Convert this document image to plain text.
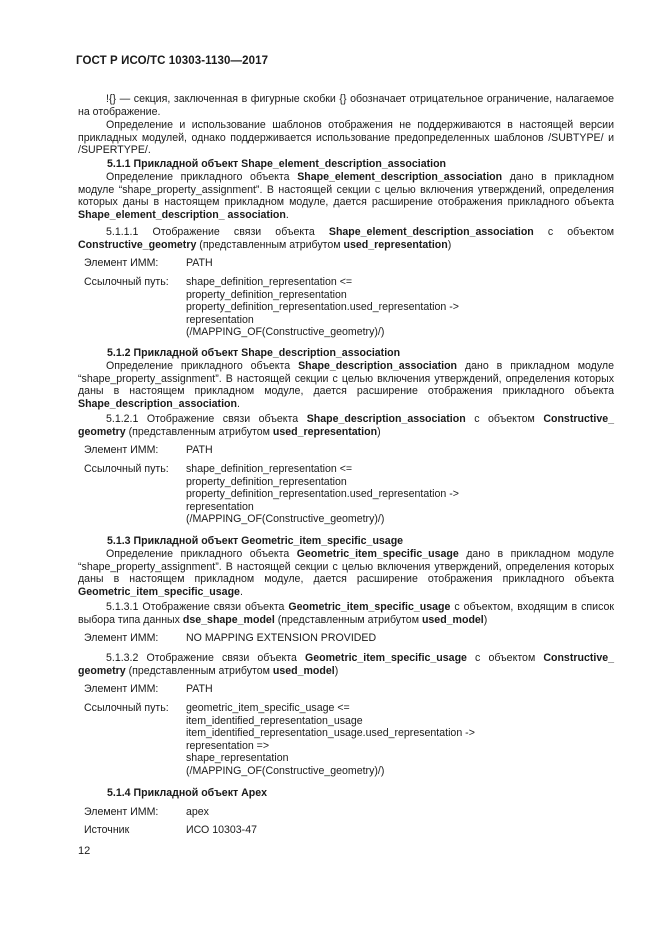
ГОСТ Р ИСО/ТС 10303-1130—2017
!{} — секция, заключенная в фигурные скобки {} обозначает отрицательное ограничение, налагаемое на отображение.
Определение и использование шаблонов отображения не поддерживаются в настоящей версии прикладных модулей, однако поддерживается использование предопределенных шаблонов /SUBTYPE/ и /SUPERTYPE/.
5.1.1 Прикладной объект Shape_element_description_association
Определение прикладного объекта Shape_element_description_association дано в прикладном модуле “shape_property_assignment”. В настоящей секции с целью включения утверждений, определения которых даны в настоящем прикладном модуле, дается расширение отображения прикладного объекта Shape_element_description_ association.
5.1.1.1 Отображение связи объекта Shape_element_description_association с объектом Constructive_geometry (представленным атрибутом used_representation)
Элемент ИММ:	PATH
Ссылочный путь: shape_definition_representation <=
property_definition_representation
property_definition_representation.used_representation ->
representation
(/MAPPING_OF(Constructive_geometry)/)
5.1.2 Прикладной объект Shape_description_association
Определение прикладного объекта Shape_description_association дано в прикладном модуле “shape_property_assignment”. В настоящей секции с целью включения утверждений, определения которых даны в настоящем прикладном модуле, дается расширение отображения прикладного объекта Shape_description_association.
5.1.2.1 Отображение связи объекта Shape_description_association с объектом Constructive_ geometry (представленным атрибутом used_representation)
Элемент ИММ:	PATH
Ссылочный путь: shape_definition_representation <=
property_definition_representation
property_definition_representation.used_representation ->
representation
(/MAPPING_OF(Constructive_geometry)/)
5.1.3 Прикладной объект Geometric_item_specific_usage
Определение прикладного объекта Geometric_item_specific_usage дано в прикладном модуле “shape_property_assignment”. В настоящей секции с целью включения утверждений, определения которых даны в настоящем прикладном модуле, дается расширение отображения прикладного объекта Geometric_item_specific_usage.
5.1.3.1 Отображение связи объекта Geometric_item_specific_usage с объектом, входящим в список выбора типа данных dse_shape_model (представленным атрибутом used_model)
Элемент ИММ:	NO MAPPING EXTENSION PROVIDED
5.1.3.2 Отображение связи объекта Geometric_item_specific_usage с объектом Constructive_ geometry (представленным атрибутом used_model)
Элемент ИММ:	PATH
Ссылочный путь: geometric_item_specific_usage <=
item_identified_representation_usage
item_identified_representation_usage.used_representation ->
representation =>
shape_representation
(/MAPPING_OF(Constructive_geometry)/)
5.1.4 Прикладной объект Apex
Элемент ИММ:	apex
Источник	ИСО 10303-47
12
